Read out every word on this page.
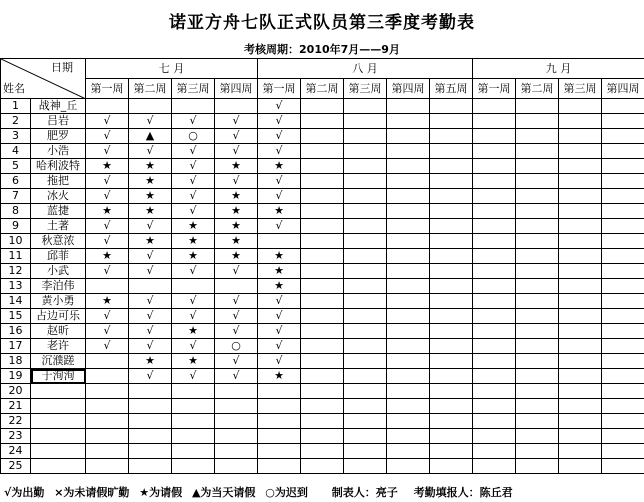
诺亚方舟七队正式队员第三季度考勤表
考核周期：2010年7月——9月
日期
姓名		七 月				八 月					九 月			
		第一周	第二周	第三周	第四周	第一周	第二周	第三周	第四周	第五周	第一周	第二周	第三周	第四周
1	战神_丘					√								
2	吕岩	√	√	√	√	√								
3	肥罗	√	▲	○	√	√								
4	小浩	√	√	√	√	√								
5	哈利波特	★	★	√	★	★								
6	拖把	√	★	√	√	√								
7	冰火	√	★	√	★	√								
8	蓝捷	★	★	√	★	★								
9	土著	√	√	★	★	√								
10	秋意浓	√	★	★	★									
11	邱菲	★	√	★	★	★								
12	小武	√	√	√	√	★								
13	李泊伟					★								
14	黄小勇	★	√	√	√	√								
15	占边可乐	√	√	√	√	√								
16	赵昕	√	√	★	√	√								
17	老许	√	√	√	○	√								
18	沉濮蹉		★	★	√	√								
19	于洵洵		√	√	√	★								
20														
21														
22														
23														
24														
25														
√为出勤 ×为未请假旷勤 ★为请假 ▲为当天请假 ○为迟到 制表人：亮子 考勤填报人：陈丘君
